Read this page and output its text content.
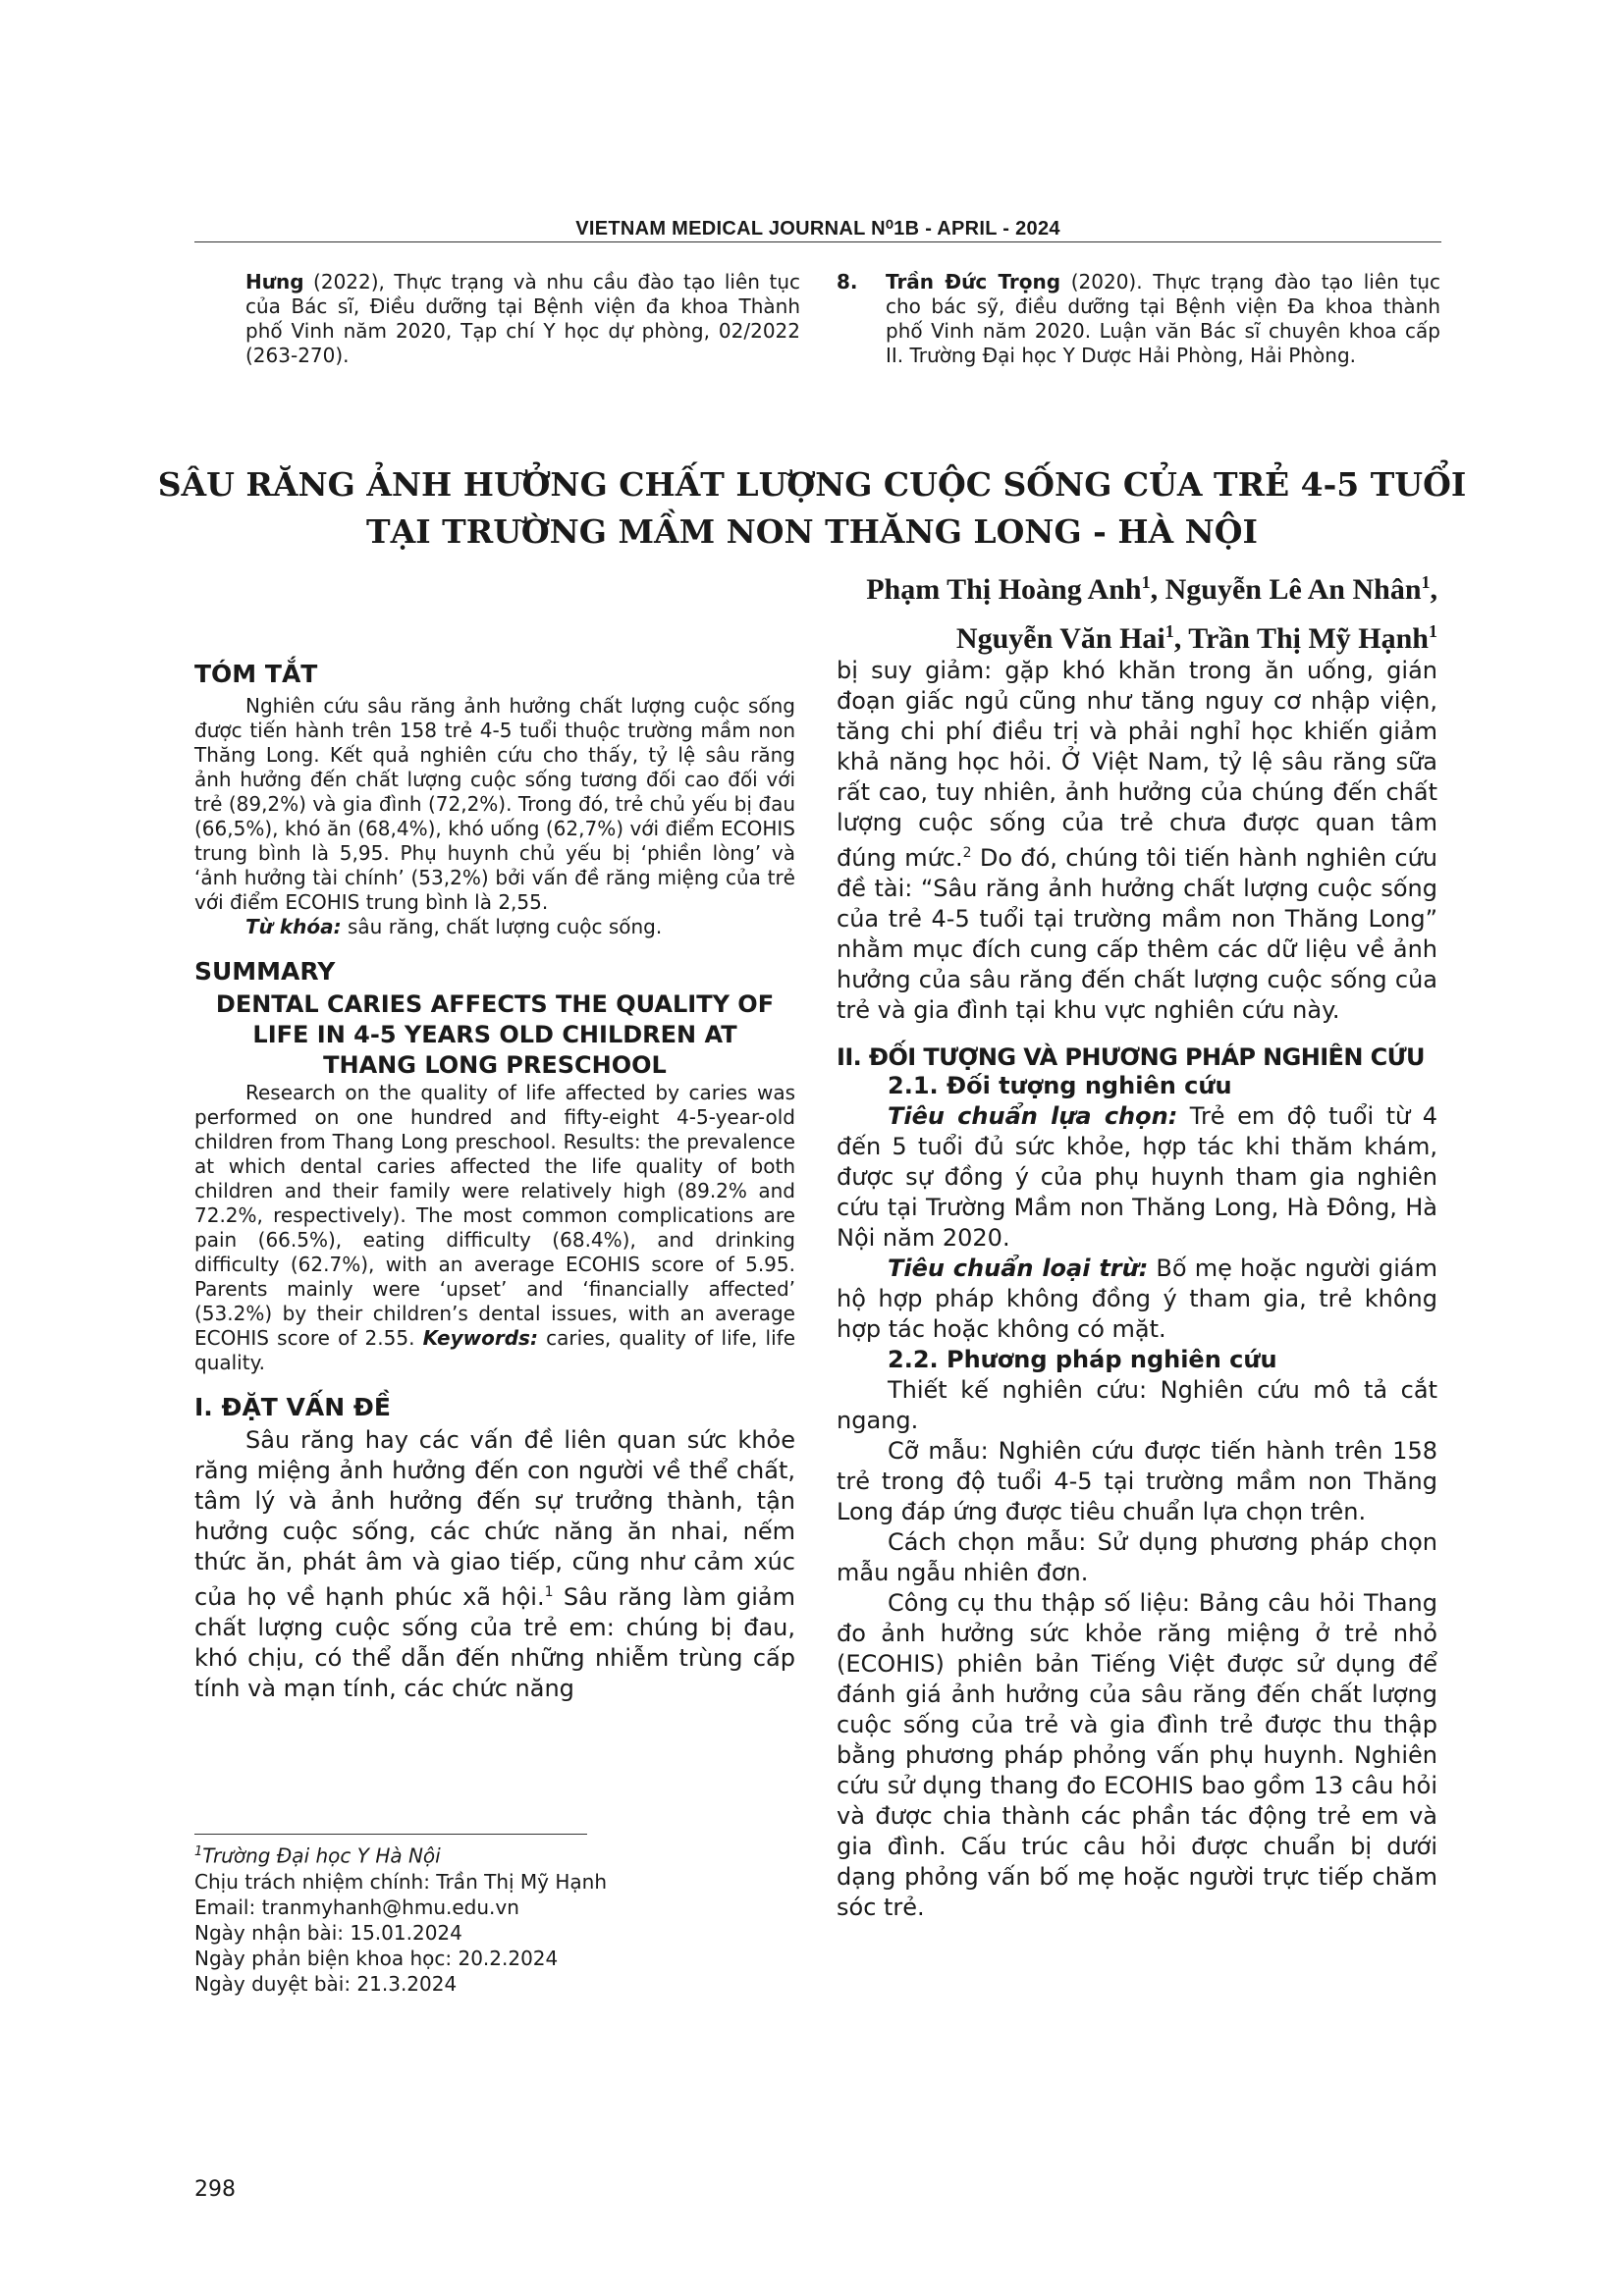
VIETNAM MEDICAL JOURNAL N⁰1B - APRIL - 2024
Hưng (2022), Thực trạng và nhu cầu đào tạo liên tục của Bác sĩ, Điều dưỡng tại Bệnh viện đa khoa Thành phố Vinh năm 2020, Tạp chí Y học dự phòng, 02/2022 (263-270).
8. Trần Đức Trọng (2020). Thực trạng đào tạo liên tục cho bác sỹ, điều dưỡng tại Bệnh viện Đa khoa thành phố Vinh năm 2020. Luận văn Bác sĩ chuyên khoa cấp II. Trường Đại học Y Dược Hải Phòng, Hải Phòng.
SÂU RĂNG ẢNH HƯỞNG CHẤT LƯỢNG CUỘC SỐNG CỦA TRẺ 4-5 TUỔI
TẠI TRƯỜNG MẦM NON THĂNG LONG - HÀ NỘI
Phạm Thị Hoàng Anh$^1$, Nguyễn Lê An Nhân$^1$,
Nguyễn Văn Hai$^1$, Trần Thị Mỹ Hạnh$^1$
TÓM TẮT

Nghiên cứu sâu răng ảnh hưởng chất lượng cuộc sống được tiến hành trên 158 trẻ 4-5 tuổi thuộc trường mầm non Thăng Long. Kết quả nghiên cứu cho thấy, tỷ lệ sâu răng ảnh hưởng đến chất lượng cuộc sống tương đối cao đối với trẻ (89,2%) và gia đình (72,2%). Trong đó, trẻ chủ yếu bị đau (66,5%), khó ăn (68,4%), khó uống (62,7%) với điểm ECOHIS trung bình là 5,95. Phụ huynh chủ yếu bị ‘phiền lòng’ và ‘ảnh hưởng tài chính’ (53,2%) bởi vấn đề răng miệng của trẻ với điểm ECOHIS trung bình là 2,55.

Từ khóa: sâu răng, chất lượng cuộc sống.

SUMMARY
DENTAL CARIES AFFECTS THE QUALITY OF
LIFE IN 4-5 YEARS OLD CHILDREN AT
THANG LONG PRESCHOOL

Research on the quality of life affected by caries was performed on one hundred and fifty-eight 4-5-year-old children from Thang Long preschool. Results: the prevalence at which dental caries affected the life quality of both children and their family were relatively high (89.2% and 72.2%, respectively). The most common complications are pain (66.5%), eating difficulty (68.4%), and drinking difficulty (62.7%), with an average ECOHIS score of 5.95. Parents mainly were ‘upset’ and ‘financially affected’ (53.2%) by their children’s dental issues, with an average ECOHIS score of 2.55. Keywords: caries, quality of life, life quality.

I. ĐẶT VẤN ĐỀ

Sâu răng hay các vấn đề liên quan sức khỏe răng miệng ảnh hưởng đến con người về thể chất, tâm lý và ảnh hưởng đến sự trưởng thành, tận hưởng cuộc sống, các chức năng ăn nhai, nếm thức ăn, phát âm và giao tiếp, cũng như cảm xúc của họ về hạnh phúc xã hội.$^1$ Sâu răng làm giảm chất lượng cuộc sống của trẻ em: chúng bị đau, khó chịu, có thể dẫn đến những nhiễm trùng cấp tính và mạn tính, các chức năng

$^1$Trường Đại học Y Hà Nội
Chịu trách nhiệm chính: Trần Thị Mỹ Hạnh
Email: tranmyhanh@hmu.edu.vn
Ngày nhận bài: 15.01.2024
Ngày phản biện khoa học: 20.2.2024
Ngày duyệt bài: 21.3.2024

bị suy giảm: gặp khó khăn trong ăn uống, gián đoạn giấc ngủ cũng như tăng nguy cơ nhập viện, tăng chi phí điều trị và phải nghỉ học khiến giảm khả năng học hỏi. Ở Việt Nam, tỷ lệ sâu răng sữa rất cao, tuy nhiên, ảnh hưởng của chúng đến chất lượng cuộc sống của trẻ chưa được quan tâm đúng mức.$^2$ Do đó, chúng tôi tiến hành nghiên cứu đề tài: “Sâu răng ảnh hưởng chất lượng cuộc sống của trẻ 4-5 tuổi tại trường mầm non Thăng Long” nhằm mục đích cung cấp thêm các dữ liệu về ảnh hưởng của sâu răng đến chất lượng cuộc sống của trẻ và gia đình tại khu vực nghiên cứu này.

II. ĐỐI TƯỢNG VÀ PHƯƠNG PHÁP NGHIÊN CỨU
2.1. Đối tượng nghiên cứu

Tiêu chuẩn lựa chọn: Trẻ em độ tuổi từ 4 đến 5 tuổi đủ sức khỏe, hợp tác khi thăm khám, được sự đồng ý của phụ huynh tham gia nghiên cứu tại Trường Mầm non Thăng Long, Hà Đông, Hà Nội năm 2020.

Tiêu chuẩn loại trừ: Bố mẹ hoặc người giám hộ hợp pháp không đồng ý tham gia, trẻ không hợp tác hoặc không có mặt.

2.2. Phương pháp nghiên cứu

Thiết kế nghiên cứu: Nghiên cứu mô tả cắt ngang.

Cỡ mẫu: Nghiên cứu được tiến hành trên 158 trẻ trong độ tuổi 4-5 tại trường mầm non Thăng Long đáp ứng được tiêu chuẩn lựa chọn trên.

Cách chọn mẫu: Sử dụng phương pháp chọn mẫu ngẫu nhiên đơn.

Công cụ thu thập số liệu: Bảng câu hỏi Thang đo ảnh hưởng sức khỏe răng miệng ở trẻ nhỏ (ECOHIS) phiên bản Tiếng Việt được sử dụng để đánh giá ảnh hưởng của sâu răng đến chất lượng cuộc sống của trẻ và gia đình trẻ được thu thập bằng phương pháp phỏng vấn phụ huynh. Nghiên cứu sử dụng thang đo ECOHIS bao gồm 13 câu hỏi và được chia thành các phần tác động trẻ em và gia đình. Cấu trúc câu hỏi được chuẩn bị dưới dạng phỏng vấn bố mẹ hoặc người trực tiếp chăm sóc trẻ.

298
